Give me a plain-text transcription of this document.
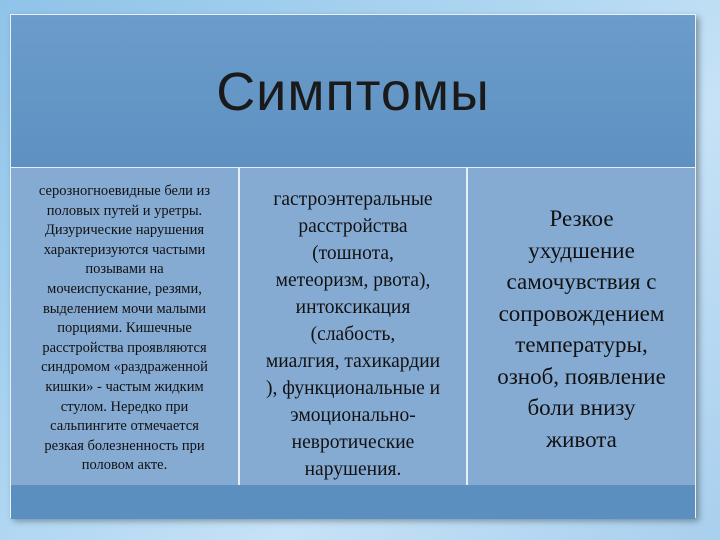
Симптомы
серозногноевидные бели из
половых путей и уретры.
Дизурические нарушения
характеризуются частыми
позывами на
мочеиспускание, резями,
выделением мочи малыми
порциями. Кишечные
расстройства проявляются
синдромом «раздраженной
кишки» - частым жидким
стулом. Нередко при
сальпингите отмечается
резкая болезненность при
половом акте.
гастроэнтеральные
расстройства
(тошнота,
метеоризм, рвота),
интоксикация
(слабость,
миалгия, тахикардии
), функциональные и
эмоционально-
невротические
нарушения.
Резкое
ухудшение
самочувствия с
сопровождением
температуры,
озноб, появление
боли внизу
живота
